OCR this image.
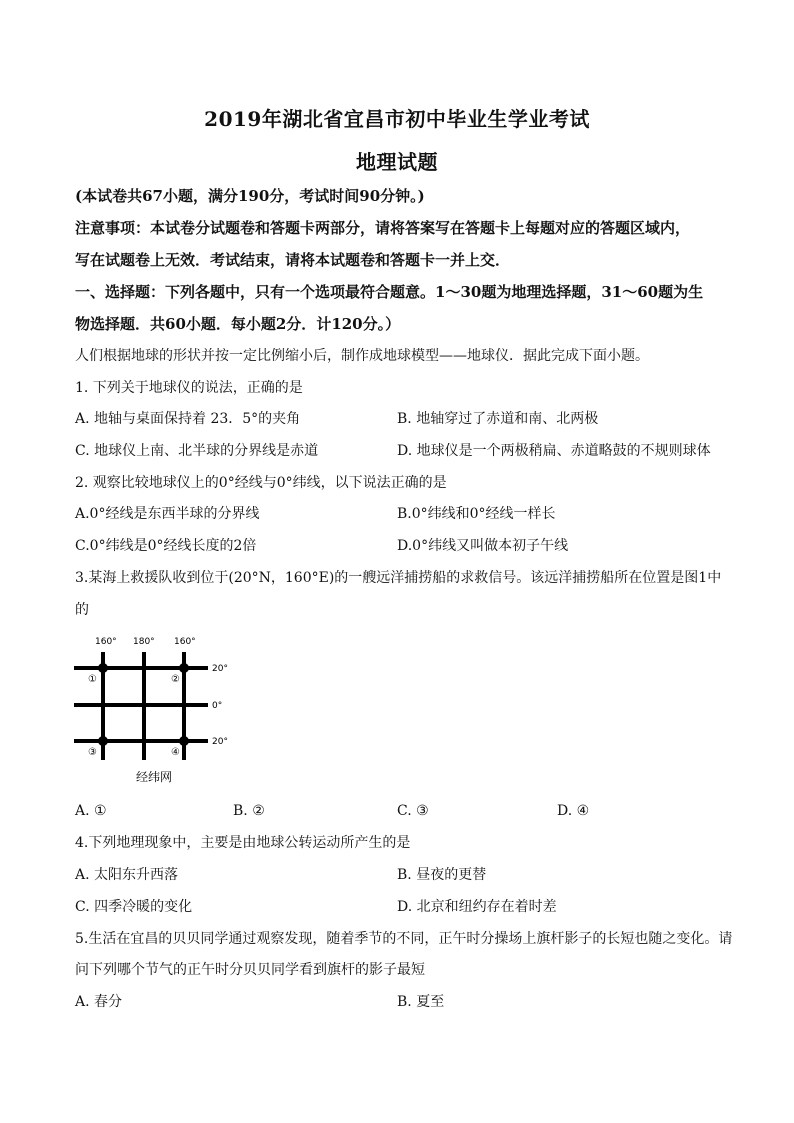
2019年湖北省宜昌市初中毕业生学业考试
地理试题
(本试卷共67小题，满分190分，考试时间90分钟。)
注意事项：本试卷分试题卷和答题卡两部分，请将答案写在答题卡上每题对应的答题区域内，
写在试题卷上无效．考试结束，请将本试题卷和答题卡一并上交．
一、选择题：下列各题中，只有一个选项最符合题意。1～30题为地理选择题，31～60题为生
物选择题．共60小题．每小题2分．计120分。）
人们根据地球的形状并按一定比例缩小后，制作成地球模型——地球仪．据此完成下面小题。
1. 下列关于地球仪的说法，正确的是
A. 地轴与桌面保持着 23．5°的夹角	B. 地轴穿过了赤道和南、北两极
C. 地球仪上南、北半球的分界线是赤道	D. 地球仪是一个两极稍扁、赤道略鼓的不规则球体
2. 观察比较地球仪上的0°经线与0°纬线，以下说法正确的是
A.0°经线是东西半球的分界线	B.0°纬线和0°经线一样长
C.0°纬线是0°经线长度的2倍	D.0°纬线又叫做本初子午线
3.某海上救援队收到位于(20°N，160°E)的一艘远洋捕捞船的求救信号。该远洋捕捞船所在位置是图1中
的
160° 180° 160°
20°
0°
20°
①	②
③	④
经纬网
A. ①	B. ②	C. ③	D. ④
4.下列地理现象中，主要是由地球公转运动所产生的是
A. 太阳东升西落	B. 昼夜的更替
C. 四季冷暖的变化	D. 北京和纽约存在着时差
5.生活在宜昌的贝贝同学通过观察发现，随着季节的不同，正午时分操场上旗杆影子的长短也随之变化。请
问下列哪个节气的正午时分贝贝同学看到旗杆的影子最短
A. 春分	B. 夏至
